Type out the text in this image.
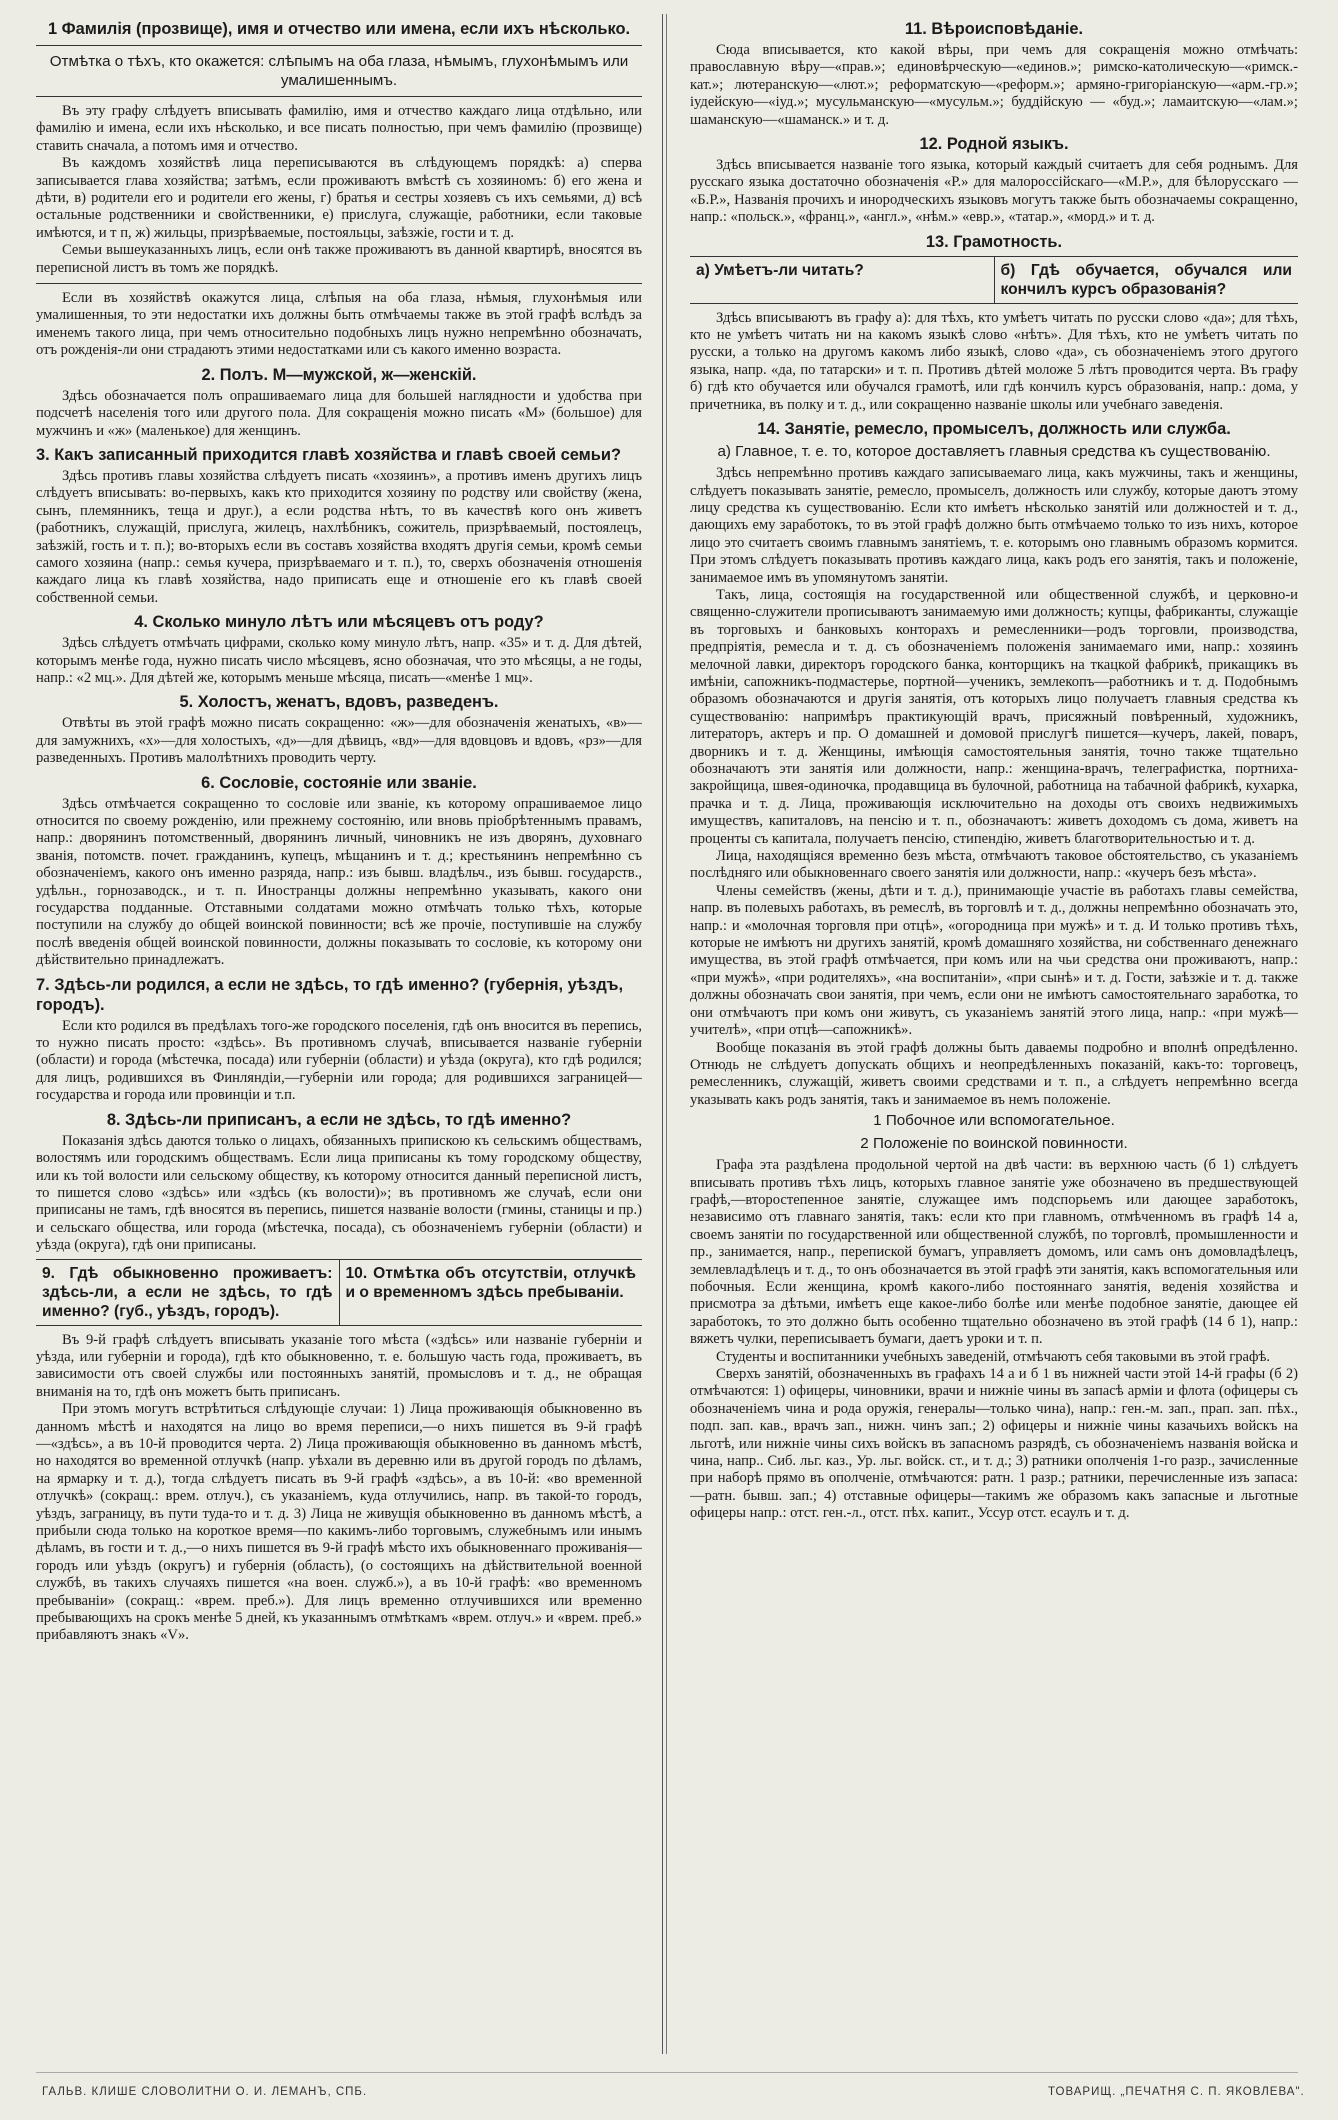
1 Фамилія (прозвище), имя и отчество или имена, если ихъ нѣсколько.
Отмѣтка о тѣхъ, кто окажется: слѣпымъ на оба глаза, нѣмымъ, глухонѣмымъ или умалишеннымъ.

Въ эту графу слѣдуетъ вписывать фамилію, имя и отчество каждаго лица отдѣльно, или фамилію и имена, если ихъ нѣсколько, и все писать полностью, при чемъ фамилію (прозвище) ставить сначала, а потомъ имя и отчество.

Въ каждомъ хозяйствѣ лица переписываются въ слѣдующемъ порядкѣ: а) сперва записывается глава хозяйства; затѣмъ, если проживаютъ вмѣстѣ съ хозяиномъ: б) его жена и дѣти, в) родители его и родители его жены, г) братья и сестры хозяевъ съ ихъ семьями, д) всѣ остальные родственники и свойственники, е) прислуга, служащіе, работники, если таковые имѣются, и т п, ж) жильцы, призрѣваемые, постояльцы, заѣзжіе, гости и т. д.

Семьи вышеуказанныхъ лицъ, если онѣ также проживаютъ въ данной квартирѣ, вносятся въ переписной листъ въ томъ же порядкѣ.

Если въ хозяйствѣ окажутся лица, слѣпыя на оба глаза, нѣмыя, глухонѣмыя или умалишенныя, то эти недостатки ихъ должны быть отмѣчаемы также въ этой графѣ вслѣдъ за именемъ такого лица, при чемъ относительно подобныхъ лицъ нужно непремѣнно обозначать, отъ рожденія-ли они страдаютъ этими недостатками или съ какого именно возраста.

2. Полъ. М—мужской, ж—женскій.

Здѣсь обозначается полъ опрашиваемаго лица для большей наглядности и удобства при подсчетѣ населенія того или другого пола. Для сокращенія можно писать «М» (большое) для мужчинъ и «ж» (маленькое) для женщинъ.

3. Какъ записанный приходится главѣ хозяйства и главѣ своей семьи?

Здѣсь противъ главы хозяйства слѣдуетъ писать «хозяинъ», а противъ именъ другихъ лицъ слѣдуетъ вписывать: во-первыхъ, какъ кто приходится хозяину по родству или свойству (жена, сынъ, племянникъ, теща и друг.), а если родства нѣтъ, то въ качествѣ кого онъ живетъ (работникъ, служащій, прислуга, жилецъ, нахлѣбникъ, сожитель, призрѣваемый, постоялецъ, заѣзжій, гость и т. п.); во-вторыхъ если въ составъ хозяйства входятъ другія семьи, кромѣ семьи самого хозяина (напр.: семья кучера, призрѣваемаго и т. п.), то, сверхъ обозначенія отношенія каждаго лица къ главѣ хозяйства, надо приписать еще и отношеніе его къ главѣ своей собственной семьи.

4. Сколько минуло лѣтъ или мѣсяцевъ отъ роду?

Здѣсь слѣдуетъ отмѣчать цифрами, сколько кому минуло лѣтъ, напр. «35» и т. д. Для дѣтей, которымъ менѣе года, нужно писать число мѣсяцевъ, ясно обозначая, что это мѣсяцы, а не годы, напр.: «2 мц.». Для дѣтей же, которымъ меньше мѣсяца, писать—«менѣе 1 мц».

5. Холостъ, женатъ, вдовъ, разведенъ.

Отвѣты въ этой графѣ можно писать сокращенно: «ж»—для обозначенія женатыхъ, «в»—для замужнихъ, «х»—для холостыхъ, «д»—для дѣвицъ, «вд»—для вдовцовъ и вдовъ, «рз»—для разведенныхъ. Противъ малолѣтнихъ проводить черту.

6. Сословіе, состояніе или званіе.

Здѣсь отмѣчается сокращенно то сословіе или званіе, къ которому опрашиваемое лицо относится по своему рожденію, или прежнему состоянію, или вновь пріобрѣтеннымъ правамъ, напр.: дворянинъ потомственный, дворянинъ личный, чиновникъ не изъ дворянъ, духовнаго званія, потомств. почет. гражданинъ, купецъ, мѣщанинъ и т. д.; крестьянинъ непремѣнно съ обозначеніемъ, какого онъ именно разряда, напр.: изъ бывш. владѣльч., изъ бывш. государств., удѣльн., горнозаводск., и т. п. Иностранцы должны непремѣнно указывать, какого они государства подданные. Отставными солдатами можно отмѣчать только тѣхъ, которые поступили на службу до общей воинской повинности; всѣ же прочіе, поступившіе на службу послѣ введенія общей воинской повинности, должны показывать то сословіе, къ которому они дѣйствительно принадлежатъ.

7. Здѣсь-ли родился, а если не здѣсь, то гдѣ именно? (губернія, уѣздъ, городъ).

Если кто родился въ предѣлахъ того-же городского поселенія, гдѣ онъ вносится въ перепись, то нужно писать просто: «здѣсь». Въ противномъ случаѣ, вписывается названіе губерніи (области) и города (мѣстечка, посада) или губерніи (области) и уѣзда (округа), кто гдѣ родился; для лицъ, родившихся въ Финляндіи,—губерніи или города; для родившихся заграницей—государства и города или провинціи и т.п.

8. Здѣсь-ли приписанъ, а если не здѣсь, то гдѣ именно?

Показанія здѣсь даются только о лицахъ, обязанныхъ припискою къ сельскимъ обществамъ, волостямъ или городскимъ обществамъ. Если лица приписаны къ тому городскому обществу, или къ той волости или сельскому обществу, къ которому относится данный переписной листъ, то пишется слово «здѣсь» или «здѣсь (къ волости)»; въ противномъ же случаѣ, если они приписаны не тамъ, гдѣ вносятся въ перепись, пишется названіе волости (гмины, станицы и пр.) и сельскаго общества, или города (мѣстечка, посада), съ обозначеніемъ губерніи (области) и уѣзда (округа), гдѣ они приписаны.

9. Гдѣ обыкновенно проживаетъ: здѣсь-ли, а если не здѣсь, то гдѣ именно? (губ., уѣздъ, городъ).
10. Отмѣтка объ отсутствіи, отлучкѣ и о временномъ здѣсь пребываніи.

Въ 9-й графѣ слѣдуетъ вписывать указаніе того мѣста («здѣсь» или названіе губерніи и уѣзда, или губерніи и города), гдѣ кто обыкновенно, т. е. большую часть года, проживаетъ, въ зависимости отъ своей службы или постоянныхъ занятій, промысловъ и т. д., не обращая вниманія на то, гдѣ онъ можетъ быть приписанъ.

При этомъ могутъ встрѣтиться слѣдующіе случаи: 1) Лица проживающія обыкновенно въ данномъ мѣстѣ и находятся на лицо во время переписи,—о нихъ пишется въ 9-й графѣ—«здѣсь», а въ 10-й проводится черта. 2) Лица проживающія обыкновенно въ данномъ мѣстѣ, но находятся во временной отлучкѣ (напр. уѣхали въ деревню или въ другой городъ по дѣламъ, на ярмарку и т. д.), тогда слѣдуетъ писать въ 9-й графѣ «здѣсь», а въ 10-й: «во временной отлучкѣ» (сокращ.: врем. отлуч.), съ указаніемъ, куда отлучились, напр. въ такой-то городъ, уѣздъ, заграницу, въ пути туда-то и т. д. 3) Лица не живущія обыкновенно въ данномъ мѣстѣ, а прибыли сюда только на короткое время—по какимъ-либо торговымъ, служебнымъ или инымъ дѣламъ, въ гости и т. д.,—о нихъ пишется въ 9-й графѣ мѣсто ихъ обыкновеннаго проживанія—городъ или уѣздъ (округъ) и губернія (область), (о состоящихъ на дѣйствительной военной службѣ, въ такихъ случаяхъ пишется «на воен. служб.»), а въ 10-й графѣ: «во временномъ пребываніи» (сокращ.: «врем. преб.»). Для лицъ временно отлучившихся или временно пребывающихъ на срокъ менѣе 5 дней, къ указаннымъ отмѣткамъ «врем. отлуч.» и «врем. преб.» прибавляютъ знакъ «V».

11. Вѣроисповѣданіе.

Сюда вписывается, кто какой вѣры, при чемъ для сокращенія можно отмѣчать: православную вѣру—«прав.»; единовѣрческую—«единов.»; римско-католическую—«римск.-кат.»; лютеранскую—«лют.»; реформатскую—«реформ.»; армяно-григоріанскую—«арм.-гр.»; іудейскую—«іуд.»; мусульманскую—«мусульм.»; буддійскую — «буд.»; ламаитскую—«лам.»; шаманскую—«шаманск.» и т. д.

12. Родной языкъ.

Здѣсь вписывается названіе того языка, который каждый считаетъ для себя роднымъ. Для русскаго языка достаточно обозначенія «Р.» для малороссійскаго—«М.Р.», для бѣлорусскаго — «Б.Р.», Названія прочихъ и инородческихъ языковъ могутъ также быть обозначаемы сокращенно, напр.: «польск.», «франц.», «англ.», «нѣм.» «евр.», «татар.», «морд.» и т. д.

13. Грамотность.
а) Умѣетъ-ли читать?	б) Гдѣ обучается, обучался или кончилъ курсъ образованія?

Здѣсь вписываютъ въ графу а): для тѣхъ, кто умѣетъ читать по русски слово «да»; для тѣхъ, кто не умѣетъ читать ни на какомъ языкѣ слово «нѣтъ». Для тѣхъ, кто не умѣетъ читать по русски, а только на другомъ какомъ либо языкѣ, слово «да», съ обозначеніемъ этого другого языка, напр. «да, по татарски» и т. п. Противъ дѣтей моложе 5 лѣтъ проводится черта. Въ графу б) гдѣ кто обучается или обучался грамотѣ, или гдѣ кончилъ курсъ образованія, напр.: дома, у причетника, въ полку и т. д., или сокращенно названіе школы или учебнаго заведенія.

14. Занятіе, ремесло, промыселъ, должность или служба.
а) Главное, т. е. то, которое доставляетъ главныя средства къ существованію.

Здѣсь непремѣнно противъ каждаго записываемаго лица, какъ мужчины, такъ и женщины, слѣдуетъ показывать занятіе, ремесло, промыселъ, должность или службу, которые даютъ этому лицу средства къ существованію. Если кто имѣетъ нѣсколько занятій или должностей и т. д., дающихъ ему заработокъ, то въ этой графѣ должно быть отмѣчаемо только то изъ нихъ, которое лицо это считаетъ своимъ главнымъ занятіемъ, т. е. которымъ оно главнымъ образомъ кормится. При этомъ слѣдуетъ показывать противъ каждаго лица, какъ родъ его занятія, такъ и положеніе, занимаемое имъ въ упомянутомъ занятіи.

Такъ, лица, состоящія на государственной или общественной службѣ, и церковно-и священно-служители прописываютъ занимаемую ими должность; купцы, фабриканты, служащіе въ торговыхъ и банковыхъ конторахъ и ремесленники—родъ торговли, производства, предпріятія, ремесла и т. д. съ обозначеніемъ положенія занимаемаго ими, напр.: хозяинъ мелочной лавки, директоръ городского банка, конторщикъ на ткацкой фабрикѣ, прикащикъ въ имѣніи, сапожникъ-подмастерье, портной—ученикъ, землекопъ—работникъ и т. д. Подобнымъ образомъ обозначаются и другія занятія, отъ которыхъ лицо получаетъ главныя средства къ существованію: напримѣръ практикующій врачъ, присяжный повѣренный, художникъ, литераторъ, актеръ и пр. О домашней и домовой прислугѣ пишется—кучеръ, лакей, поваръ, дворникъ и т. д. Женщины, имѣющія самостоятельныя занятія, точно также тщательно обозначаютъ эти занятія или должности, напр.: женщина-врачъ, телеграфистка, портниха-закройщица, швея-одиночка, продавщица въ булочной, работница на табачной фабрикѣ, кухарка, прачка и т. д. Лица, проживающія исключительно на доходы отъ своихъ недвижимыхъ имуществъ, капиталовъ, на пенсію и т. п., обозначаютъ: живетъ доходомъ съ дома, живетъ на проценты съ капитала, получаетъ пенсію, стипендію, живетъ благотворительностью и т. д.

Лица, находящіяся временно безъ мѣста, отмѣчаютъ таковое обстоятельство, съ указаніемъ послѣдняго или обыкновеннаго своего занятія или должности, напр.: «кучеръ безъ мѣста».

Члены семействъ (жены, дѣти и т. д.), принимающіе участіе въ работахъ главы семейства, напр. въ полевыхъ работахъ, въ ремеслѣ, въ торговлѣ и т. д., должны непремѣнно обозначать это, напр.: и «молочная торговля при отцѣ», «огородница при мужѣ» и т. д. И только противъ тѣхъ, которые не имѣютъ ни другихъ занятій, кромѣ домашняго хозяйства, ни собственнаго денежнаго имущества, въ этой графѣ отмѣчается, при комъ или на чьи средства они проживаютъ, напр.: «при мужѣ», «при родителяхъ», «на воспитаніи», «при сынѣ» и т. д. Гости, заѣзжіе и т. д. также должны обозначать свои занятія, при чемъ, если они не имѣютъ самостоятельнаго заработка, то они отмѣчаютъ при комъ они живутъ, съ указаніемъ занятій этого лица, напр.: «при мужѣ—учителѣ», «при отцѣ—сапожникѣ».

Вообще показанія въ этой графѣ должны быть даваемы подробно и вполнѣ опредѣленно. Отнюдь не слѣдуетъ допускать общихъ и неопредѣленныхъ показаній, какъ-то: торговецъ, ремесленникъ, служащій, живетъ своими средствами и т. п., а слѣдуетъ непремѣнно всегда указывать какъ родъ занятія, такъ и занимаемое въ немъ положеніе.

1 Побочное или вспомогательное.
2 Положеніе по воинской повинности.

Графа эта раздѣлена продольной чертой на двѣ части: въ верхнюю часть (б 1) слѣдуетъ вписывать противъ тѣхъ лицъ, которыхъ главное занятіе уже обозначено въ предшествующей графѣ,—второстепенное занятіе, служащее имъ подспорьемъ или дающее заработокъ, независимо отъ главнаго занятія, такъ: если кто при главномъ, отмѣченномъ въ графѣ 14 а, своемъ занятіи по государственной или общественной службѣ, по торговлѣ, промышленности и пр., занимается, напр., перепиской бумагъ, управляетъ домомъ, или самъ онъ домовладѣлецъ, землевладѣлецъ и т. д., то онъ обозначается въ этой графѣ эти занятія, какъ вспомогательныя или побочныя. Если женщина, кромѣ какого-либо постояннаго занятія, веденія хозяйства и присмотра за дѣтьми, имѣетъ еще какое-либо болѣе или менѣе подобное занятіе, дающее ей заработокъ, то это должно быть особенно тщательно обозначено въ этой графѣ (14 б 1), напр.: вяжетъ чулки, переписываетъ бумаги, даетъ уроки и т. п.

Студенты и воспитанники учебныхъ заведеній, отмѣчаютъ себя таковыми въ этой графѣ.

Сверхъ занятій, обозначенныхъ въ графахъ 14 а и б 1 въ нижней части этой 14-й графы (б 2) отмѣчаются: 1) офицеры, чиновники, врачи и нижніе чины въ запасѣ арміи и флота (офицеры съ обозначеніемъ чина и рода оружія, генералы—только чина), напр.: ген.-м. зап., прап. зап. пѣх., подп. зап. кав., врачъ зап., нижн. чинъ зап.; 2) офицеры и нижніе чины казачьихъ войскъ на льготѣ, или нижніе чины сихъ войскъ въ запасномъ разрядѣ, съ обозначеніемъ названія войска и чина, напр.. Сиб. льг. каз., Ур. льг. войск. ст., и т. д.; 3) ратники ополченія 1-го разр., зачисленные при наборѣ прямо въ ополченіе, отмѣчаются: ратн. 1 разр.; ратники, перечисленные изъ запаса:—ратн. бывш. зап.; 4) отставные офицеры—такимъ же образомъ какъ запасные и льготные офицеры напр.: отст. ген.-л., отст. пѣх. капит., Уссур отст. есаулъ и т. д.

ГАЛЬВ. КЛИШЕ СЛОВОЛИТНИ О. И. ЛЕМАНЪ, СПБ.	ТОВАРИЩ. „ПЕЧАТНЯ С. П. ЯКОВЛЕВА".
